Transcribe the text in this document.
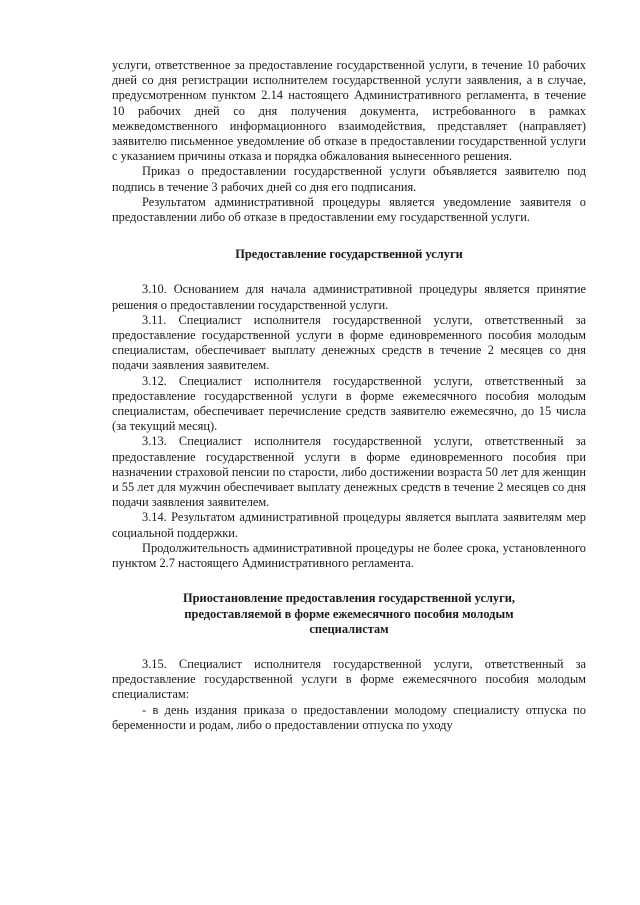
услуги, ответственное за предоставление государственной услуги, в течение 10 рабочих дней со дня регистрации исполнителем государственной услуги заявления, а в случае, предусмотренном пунктом 2.14 настоящего Административного регламента, в течение 10 рабочих дней со дня получения документа, истребованного в рамках межведомственного информационного взаимодействия, представляет (направляет) заявителю письменное уведомление об отказе в предоставлении государственной услуги с указанием причины отказа и порядка обжалования вынесенного решения.

Приказ о предоставлении государственной услуги объявляется заявителю под подпись в течение 3 рабочих дней со дня его подписания.

Результатом административной процедуры является уведомление заявителя о предоставлении либо об отказе в предоставлении ему государственной услуги.

Предоставление государственной услуги

3.10. Основанием для начала административной процедуры является принятие решения о предоставлении государственной услуги.

3.11. Специалист исполнителя государственной услуги, ответственный за предоставление государственной услуги в форме единовременного пособия молодым специалистам, обеспечивает выплату денежных средств в течение 2 месяцев со дня подачи заявления заявителем.

3.12. Специалист исполнителя государственной услуги, ответственный за предоставление государственной услуги в форме ежемесячного пособия молодым специалистам, обеспечивает перечисление средств заявителю ежемесячно, до 15 числа (за текущий месяц).

3.13. Специалист исполнителя государственной услуги, ответственный за предоставление государственной услуги в форме единовременного пособия при назначении страховой пенсии по старости, либо достижении возраста 50 лет для женщин и 55 лет для мужчин обеспечивает выплату денежных средств в течение 2 месяцев со дня подачи заявления заявителем.

3.14. Результатом административной процедуры является выплата заявителям мер социальной поддержки.

Продолжительность административной процедуры не более срока, установленного пунктом 2.7 настоящего Административного регламента.

Приостановление предоставления государственной услуги, предоставляемой в форме ежемесячного пособия молодым специалистам

3.15. Специалист исполнителя государственной услуги, ответственный за предоставление государственной услуги в форме ежемесячного пособия молодым специалистам:

- в день издания приказа о предоставлении молодому специалисту отпуска по беременности и родам, либо о предоставлении отпуска по уходу
